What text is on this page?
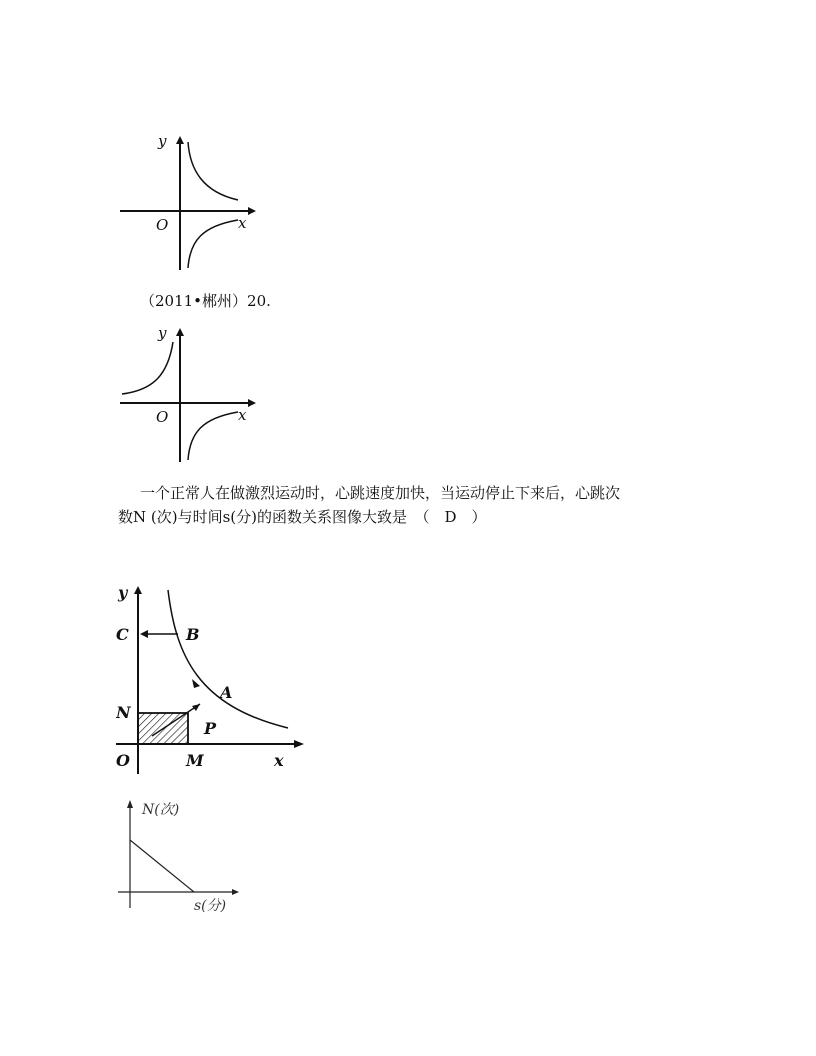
y
x
O
（2011•郴州）20.
y
x
O
一个正常人在做激烈运动时，心跳速度加快，当运动停止下来后，心跳次
数N (次)与时间s(分)的函数关系图像大致是　（　D　）
C	B
A
N
P
O	M	x
y
N(次)
s(分)
